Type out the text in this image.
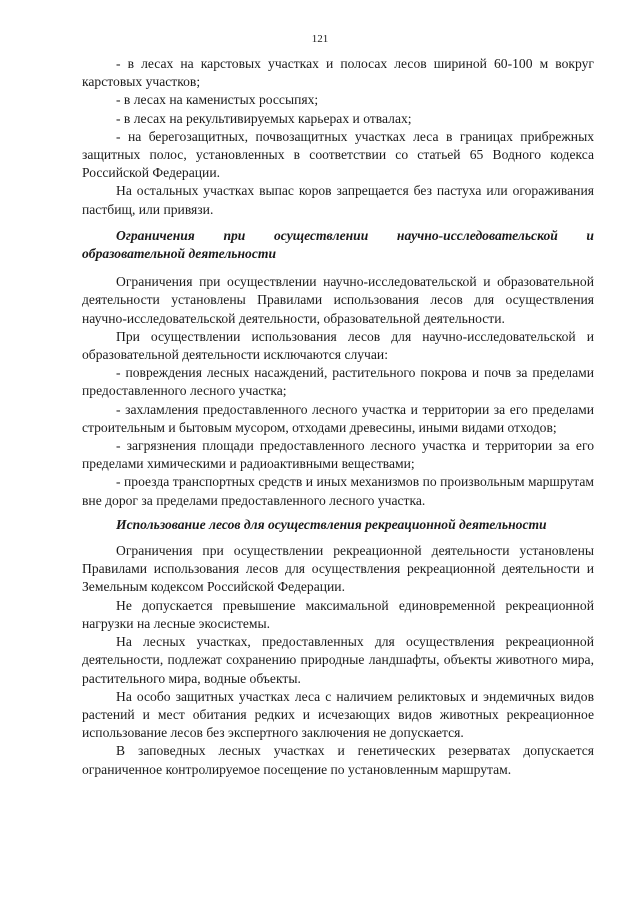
121

- в лесах на карстовых участках и полосах лесов шириной 60-100 м вокруг карстовых участков;

- в лесах на каменистых россыпях;

- в лесах на рекультивируемых карьерах и отвалах;

- на берегозащитных, почвозащитных участках леса в границах прибрежных защитных полос, установленных в соответствии со статьей 65 Водного кодекса Российской Федерации.

На остальных участках выпас коров запрещается без пастуха или огораживания пастбищ, или привязи.

Ограничения при осуществлении научно-исследовательской и образовательной деятельности

Ограничения при осуществлении научно-исследовательской и образовательной деятельности установлены Правилами использования лесов для осуществления научно-исследовательской деятельности, образовательной деятельности.

При осуществлении использования лесов для научно-исследовательской и образовательной деятельности исключаются случаи:

- повреждения лесных насаждений, растительного покрова и почв за пределами предоставленного лесного участка;

- захламления предоставленного лесного участка и территории за его пределами строительным и бытовым мусором, отходами древесины, иными видами отходов;

- загрязнения площади предоставленного лесного участка и территории за его пределами химическими и радиоактивными веществами;

- проезда транспортных средств и иных механизмов по произвольным маршрутам вне дорог за пределами предоставленного лесного участка.

Использование лесов для осуществления рекреационной деятельности

Ограничения при осуществлении рекреационной деятельности установлены Правилами использования лесов для осуществления рекреационной деятельности и Земельным кодексом Российской Федерации.

Не допускается превышение максимальной единовременной рекреационной нагрузки на лесные экосистемы.

На лесных участках, предоставленных для осуществления рекреационной деятельности, подлежат сохранению природные ландшафты, объекты животного мира, растительного мира, водные объекты.

На особо защитных участках леса с наличием реликтовых и эндемичных видов растений и мест обитания редких и исчезающих видов животных рекреационное использование лесов без экспертного заключения не допускается.

В заповедных лесных участках и генетических резерватах допускается ограниченное контролируемое посещение по установленным маршрутам.
